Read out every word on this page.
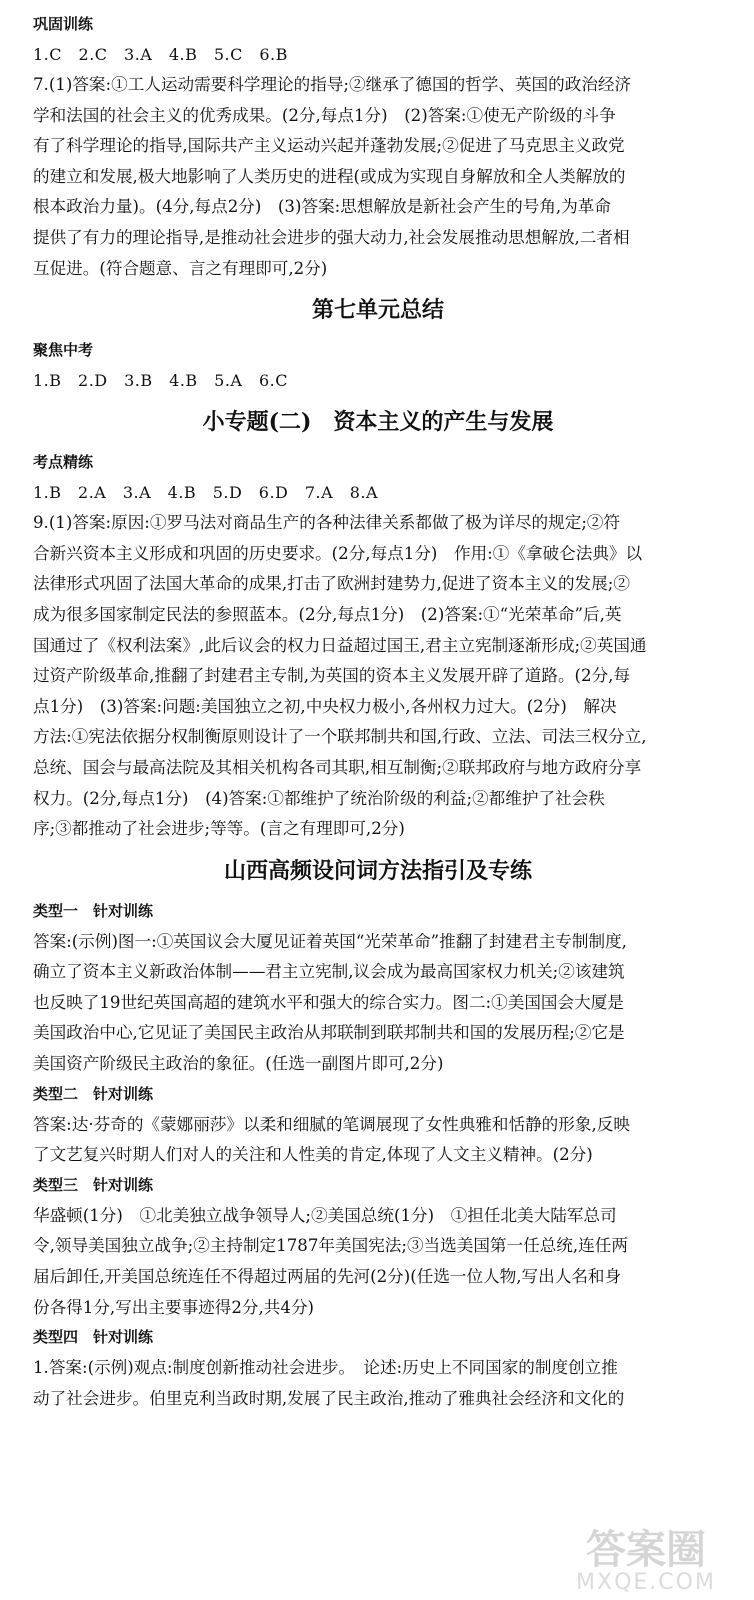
巩固训练
1.C　2.C　3.A　4.B　5.C　6.B
7.(1)答案:①工人运动需要科学理论的指导;②继承了德国的哲学、英国的政治经济
学和法国的社会主义的优秀成果。(2分,每点1分)　(2)答案:①使无产阶级的斗争
有了科学理论的指导,国际共产主义运动兴起并蓬勃发展;②促进了马克思主义政党
的建立和发展,极大地影响了人类历史的进程(或成为实现自身解放和全人类解放的
根本政治力量)。(4分,每点2分)　(3)答案:思想解放是新社会产生的号角,为革命
提供了有力的理论指导,是推动社会进步的强大动力,社会发展推动思想解放,二者相
互促进。(符合题意、言之有理即可,2分)
第七单元总结
聚焦中考
1.B　2.D　3.B　4.B　5.A　6.C
小专题(二)　资本主义的产生与发展
考点精练
1.B　2.A　3.A　4.B　5.D　6.D　7.A　8.A
9.(1)答案:原因:①罗马法对商品生产的各种法律关系都做了极为详尽的规定;②符
合新兴资本主义形成和巩固的历史要求。(2分,每点1分)　作用:①《拿破仑法典》以
法律形式巩固了法国大革命的成果,打击了欧洲封建势力,促进了资本主义的发展;②
成为很多国家制定民法的参照蓝本。(2分,每点1分)　(2)答案:①“光荣革命”后,英
国通过了《权利法案》,此后议会的权力日益超过国王,君主立宪制逐渐形成;②英国通
过资产阶级革命,推翻了封建君主专制,为英国的资本主义发展开辟了道路。(2分,每
点1分)　(3)答案:问题:美国独立之初,中央权力极小,各州权力过大。(2分)　解决
方法:①宪法依据分权制衡原则设计了一个联邦制共和国,行政、立法、司法三权分立,
总统、国会与最高法院及其相关机构各司其职,相互制衡;②联邦政府与地方政府分享
权力。(2分,每点1分)　(4)答案:①都维护了统治阶级的利益;②都维护了社会秩
序;③都推动了社会进步;等等。(言之有理即可,2分)
山西高频设问词方法指引及专练
类型一　针对训练
答案:(示例)图一:①英国议会大厦见证着英国“光荣革命”推翻了封建君主专制制度,
确立了资本主义新政治体制——君主立宪制,议会成为最高国家权力机关;②该建筑
也反映了19世纪英国高超的建筑水平和强大的综合实力。图二:①美国国会大厦是
美国政治中心,它见证了美国民主政治从邦联制到联邦制共和国的发展历程;②它是
美国资产阶级民主政治的象征。(任选一副图片即可,2分)
类型二　针对训练
答案:达·芬奇的《蒙娜丽莎》以柔和细腻的笔调展现了女性典雅和恬静的形象,反映
了文艺复兴时期人们对人的关注和人性美的肯定,体现了人文主义精神。(2分)
类型三　针对训练
华盛顿(1分)　①北美独立战争领导人;②美国总统(1分)　①担任北美大陆军总司
令,领导美国独立战争;②主持制定1787年美国宪法;③当选美国第一任总统,连任两
届后卸任,开美国总统连任不得超过两届的先河(2分)(任选一位人物,写出人名和身
份各得1分,写出主要事迹得2分,共4分)
类型四　针对训练
1.答案:(示例)观点:制度创新推动社会进步。　论述:历史上不同国家的制度创立推
动了社会进步。伯里克利当政时期,发展了民主政治,推动了雅典社会经济和文化的
答案圈
MXQE.COM
